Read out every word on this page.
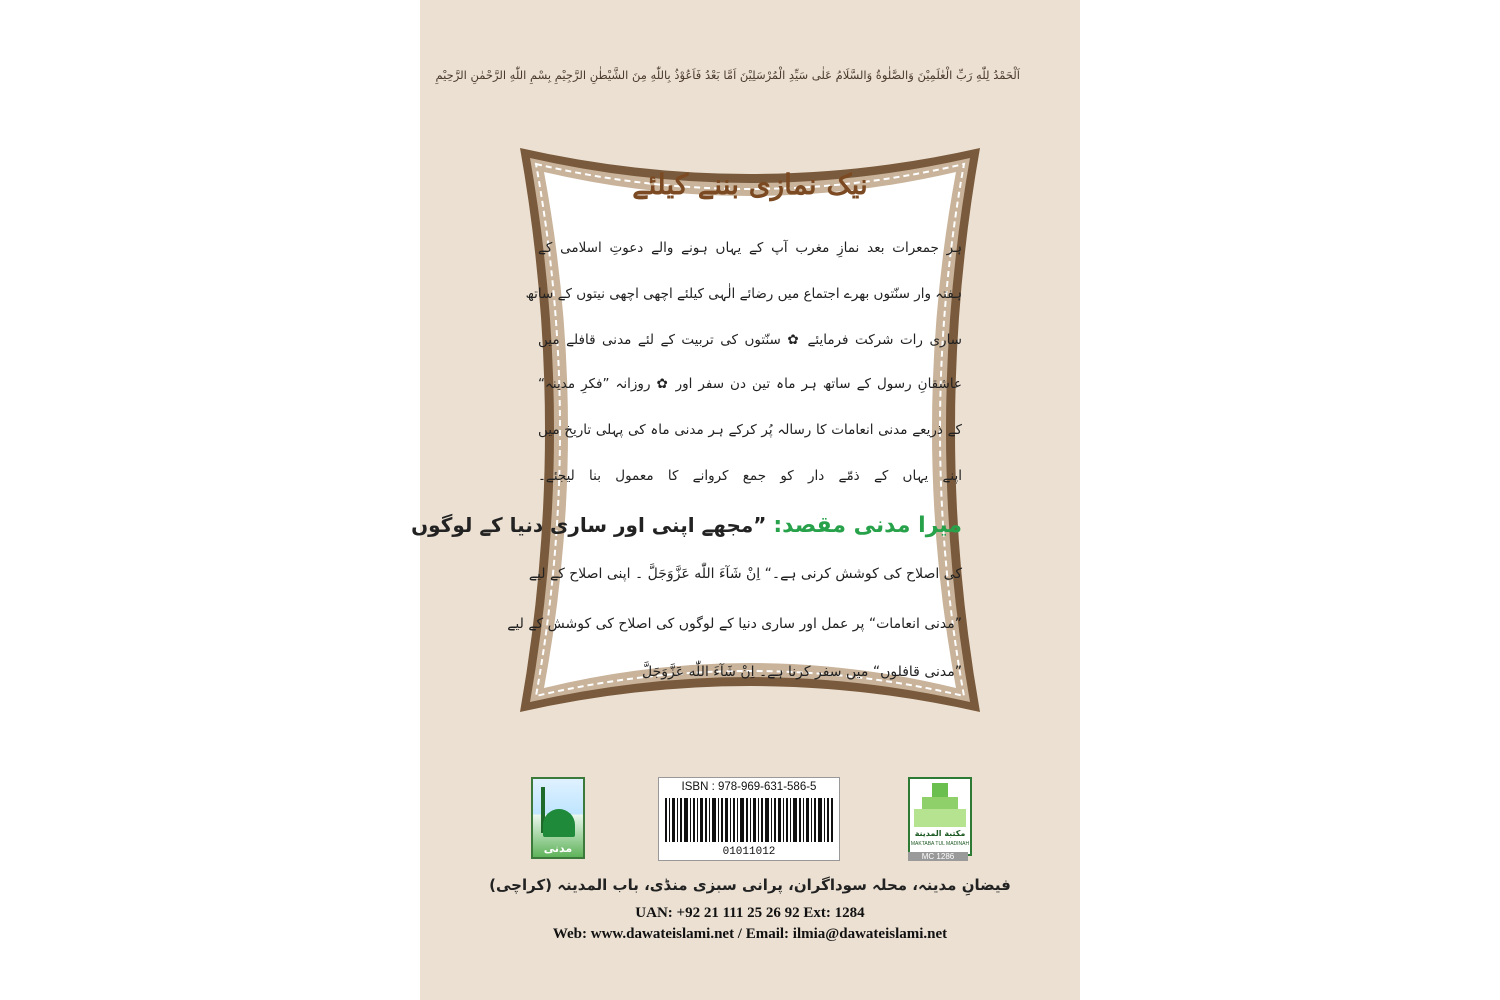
اَلْحَمْدُ لِلّٰهِ رَبِّ الْعٰلَمِیْنَ وَالصَّلٰوةُ وَالسَّلَامُ عَلٰی سَیِّدِ الْمُرْسَلِیْنَ اَمَّا بَعْدُ فَاَعُوْذُ بِاللّٰهِ مِنَ الشَّیْطٰنِ الرَّجِیْمِ بِسْمِ اللّٰهِ الرَّحْمٰنِ الرَّحِیْمِ
نیک نمازی بننے کیلئے
ہر جمعرات بعد نمازِ مغرب آپ کے یہاں ہونے والے دعوتِ اسلامی کے
ہفتہ وار سنّتوں بھرے اجتماع میں رضائے الٰہی کیلئے اچھی اچھی نیتوں کے ساتھ
ساری رات شرکت فرمایئے ✿ سنّتوں کی تربیت کے لئے مدنی قافلے میں
عاشقانِ رسول کے ساتھ ہر ماہ تین دن سفر اور ✿ روزانہ ”فکرِ مدینہ“
کے ذریعے مدنی انعامات کا رسالہ پُر کرکے ہر مدنی ماہ کی پہلی تاریخ میں
اپنے یہاں کے ذمّے دار کو جمع کروانے کا معمول بنا لیجئے۔
میرا مدنی مقصد: ”مجھے اپنی اور ساری دنیا کے لوگوں
کی اصلاح کی کوشش کرنی ہے۔“ اِنْ شَآءَ اللّٰه عَزَّوَجَلَّ ۔ اپنی اصلاح کے لیے
”مدنی انعامات“ پر عمل اور ساری دنیا کے لوگوں کی اصلاح کی کوشش کے لیے
”مدنی قافلوں“ میں سفر کرنا ہے۔ اِنْ شَآءَ اللّٰه عَزَّوَجَلَّ
مدنی
ISBN : 978-969-631-586-5
01011012
مكتبة المدينة
MAKTABA TUL MADINAH
MC 1286
فیضانِ مدینہ، محلہ سوداگران، پرانی سبزی منڈی، باب المدینہ (کراچی)
UAN: +92 21 111 25 26 92 Ext: 1284
Web: www.dawateislami.net / Email: ilmia@dawateislami.net
